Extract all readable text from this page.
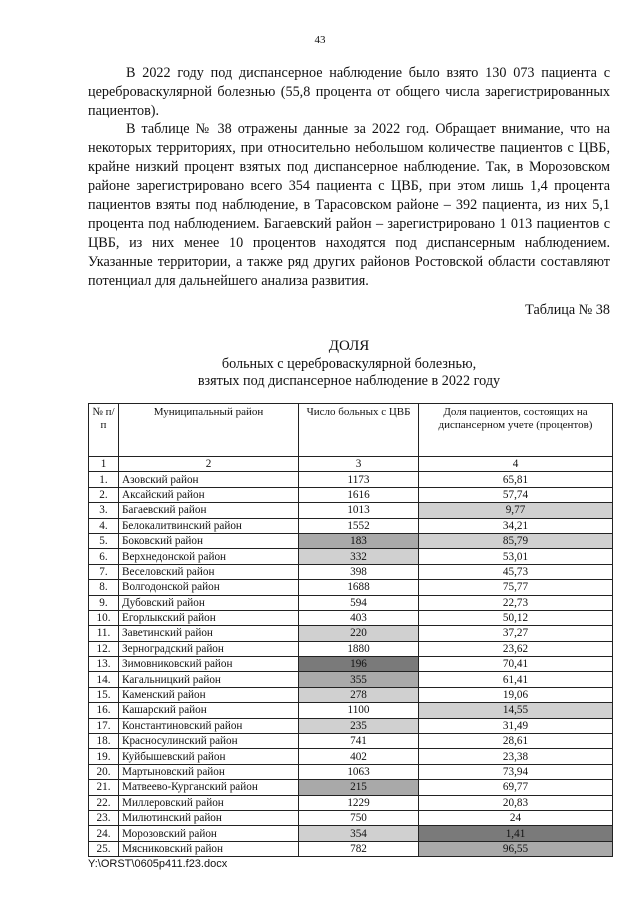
43

В 2022 году под диспансерное наблюдение было взято 130 073 пациента с цереброваскулярной болезнью (55,8 процента от общего числа зарегистрированных пациентов).

В таблице № 38 отражены данные за 2022 год. Обращает внимание, что на некоторых территориях, при относительно небольшом количестве пациентов с ЦВБ, крайне низкий процент взятых под диспансерное наблюдение. Так, в Морозовском районе зарегистрировано всего 354 пациента с ЦВБ, при этом лишь 1,4 процента пациентов взяты под наблюдение, в Тарасовском районе – 392 пациента, из них 5,1 процента под наблюдением. Багаевский район – зарегистрировано 1 013 пациентов с ЦВБ, из них менее 10 процентов находятся под диспансерным наблюдением. Указанные территории, а также ряд других районов Ростовской области составляют потенциал для дальнейшего анализа развития.

Таблица № 38
ДОЛЯ
больных с цереброваскулярной болезнью,
взятых под диспансерное наблюдение в 2022 году
№ п/п	Муниципальный район	Число больных с ЦВБ	Доля пациентов, состоящих на диспансерном учете (процентов)
1	2	3	4
1.	Азовский район	1173	65,81
2.	Аксайский район	1616	57,74
3.	Багаевский район	1013	9,77
4.	Белокалитвинский район	1552	34,21
5.	Боковский район	183	85,79
6.	Верхнедонской район	332	53,01
7.	Веселовский район	398	45,73
8.	Волгодонской район	1688	75,77
9.	Дубовский район	594	22,73
10.	Егорлыкский район	403	50,12
11.	Заветинский район	220	37,27
12.	Зерноградский район	1880	23,62
13.	Зимовниковский район	196	70,41
14.	Кагальницкий район	355	61,41
15.	Каменский район	278	19,06
16.	Кашарский район	1100	14,55
17.	Константиновский район	235	31,49
18.	Красносулинский район	741	28,61
19.	Куйбышевский район	402	23,38
20.	Мартыновский район	1063	73,94
21.	Матвеево-Курганский район	215	69,77
22.	Миллеровский район	1229	20,83
23.	Милютинский район	750	24
24.	Морозовский район	354	1,41
25.	Мясниковский район	782	96,55
Y:\ORST\0605p411.f23.docx
